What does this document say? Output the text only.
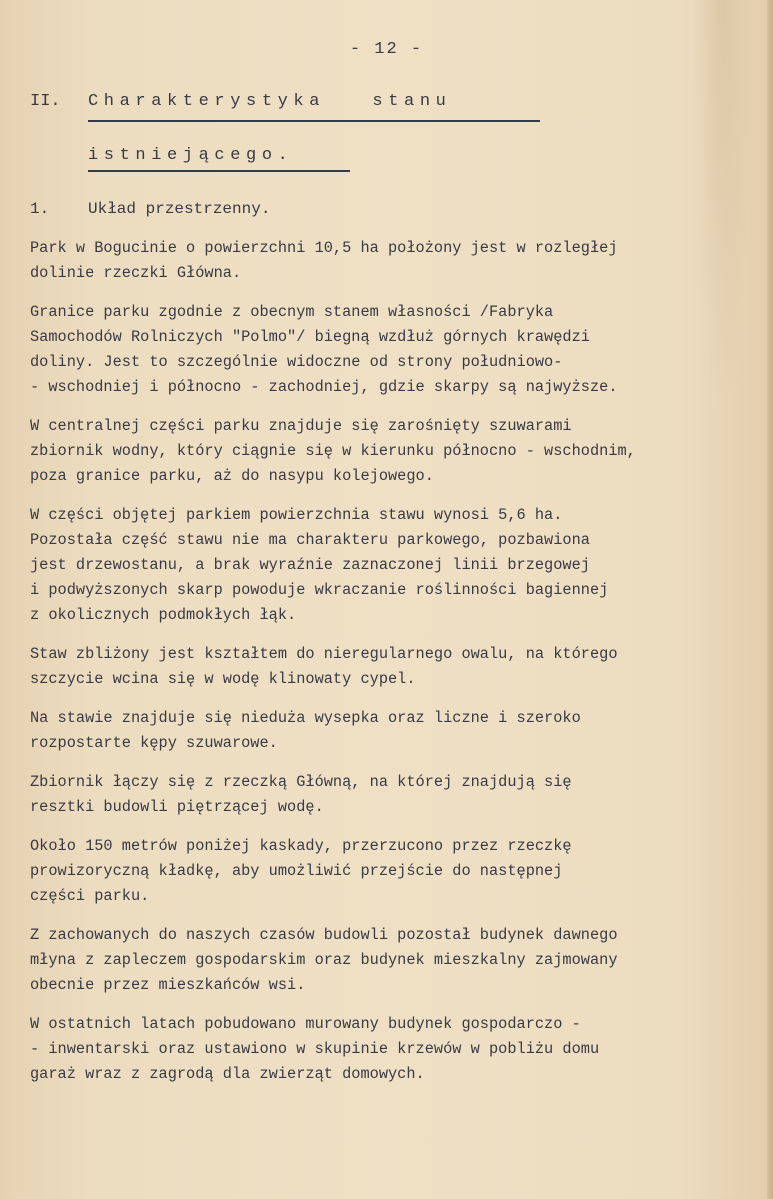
- 12 -
II.	Charakterystyka   stanu
istniejącego.
1. Układ przestrzenny.
Park w Bogucinie o powierzchni 10,5 ha położony jest w rozległej
dolinie rzeczki Główna.
Granice parku zgodnie z obecnym stanem własności /Fabryka
Samochodów Rolniczych "Polmo"/ biegną wzdłuż górnych krawędzi
doliny. Jest to szczególnie widoczne od strony południowo-
- wschodniej i północno - zachodniej, gdzie skarpy są najwyższe.
W centralnej części parku znajduje się zarośnięty szuwarami
zbiornik wodny, który ciągnie się w kierunku północno - wschodnim,
poza granice parku, aż do nasypu kolejowego.
W części objętej parkiem powierzchnia stawu wynosi 5,6 ha.
Pozostała część stawu nie ma charakteru parkowego, pozbawiona
jest drzewostanu, a brak wyraźnie zaznaczonej linii brzegowej
i podwyższonych skarp powoduje wkraczanie roślinności bagiennej
z okolicznych podmokłych łąk.
Staw zbliżony jest kształtem do nieregularnego owalu, na którego
szczycie wcina się w wodę klinowaty cypel.
Na stawie znajduje się nieduża wysepka oraz liczne i szeroko
rozpostarte kępy szuwarowe.
Zbiornik łączy się z rzeczką Główną, na której znajdują się
resztki budowli piętrzącej wodę.
Około 150 metrów poniżej kaskady, przerzucono przez rzeczkę
prowizoryczną kładkę, aby umożliwić przejście do następnej
części parku.
Z zachowanych do naszych czasów budowli pozostał budynek dawnego
młyna z zapleczem gospodarskim oraz budynek mieszkalny zajmowany
obecnie przez mieszkańców wsi.
W ostatnich latach pobudowano murowany budynek gospodarczo -
- inwentarski oraz ustawiono w skupinie krzewów w pobliżu domu
garaż wraz z zagrodą dla zwierząt domowych.
